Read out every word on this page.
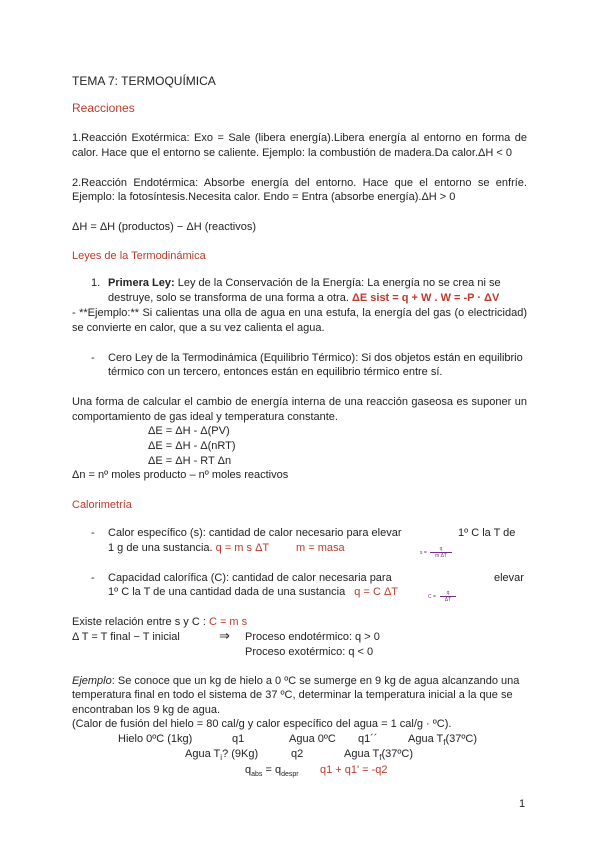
TEMA 7: TERMOQUÍMICA
Reacciones
1.Reacción Exotérmica: Exo = Sale (libera energía).Libera energía al entorno en forma de
calor. Hace que el entorno se caliente. Ejemplo: la combustión de madera.Da calor.ΔH < 0
2.Reacción Endotérmica: Absorbe energía del entorno. Hace que el entorno se enfríe.
Ejemplo: la fotosíntesis.Necesita calor. Endo = Entra (absorbe energía).ΔH > 0
ΔH = ΔH (productos) − ΔH (reactivos)
Leyes de la Termodinámica
1. Primera Ley: Ley de la Conservación de la Energía: La energía no se crea ni se
destruye, solo se transforma de una forma a otra. ΔE sist = q + W . W = -P · ΔV
- **Ejemplo:** Si calientas una olla de agua en una estufa, la energía del gas (o electricidad)
se convierte en calor, que a su vez calienta el agua.
- Cero Ley de la Termodinámica (Equilibrio Térmico): Si dos objetos están en equilibrio
térmico con un tercero, entonces están en equilibrio térmico entre sí.
Una forma de calcular el cambio de energía interna de una reacción gaseosa es suponer un
comportamiento de gas ideal y temperatura constante.
ΔE = ΔH - Δ(PV)
ΔE = ΔH - Δ(nRT)
ΔE = ΔH - RT Δn
Δn = nº moles producto – nº moles reactivos
Calorimetría
- Calor específico (s): cantidad de calor necesario para elevar	1º C la T de
1 g de una sustancia. q = m s ΔT m = masa	$s = \frac{q}{\text{m ΔT}}$
- Capacidad calorífica (C): cantidad de calor necesaria para	elevar
1º C la T de una cantidad dada de una sustancia q = C ΔT	$C = \frac{q}{\Delta T}$
Existe relación entre s y C : C = m s
Δ T = T final − T inicial	⇒ Proceso endotérmico: q > 0
Proceso exotérmico: q < 0
Ejemplo: Se conoce que un kg de hielo a 0 ºC se sumerge en 9 kg de agua alcanzando una
temperatura final en todo el sistema de 37 ºC, determinar la temperatura inicial a la que se
encontraban los 9 kg de agua.
(Calor de fusión del hielo = 80 cal/g y calor específico del agua = 1 cal/g · ºC).
Hielo 0ºC (1kg)	q1	Agua 0ºC q1´´	Agua $T_f(37ºC)$
Agua $T_i$? (9Kg)	q2	Agua $T_f(37ºC)$
$q_{abs} = q_{despr}$ q1 + q1' = -q2
1
